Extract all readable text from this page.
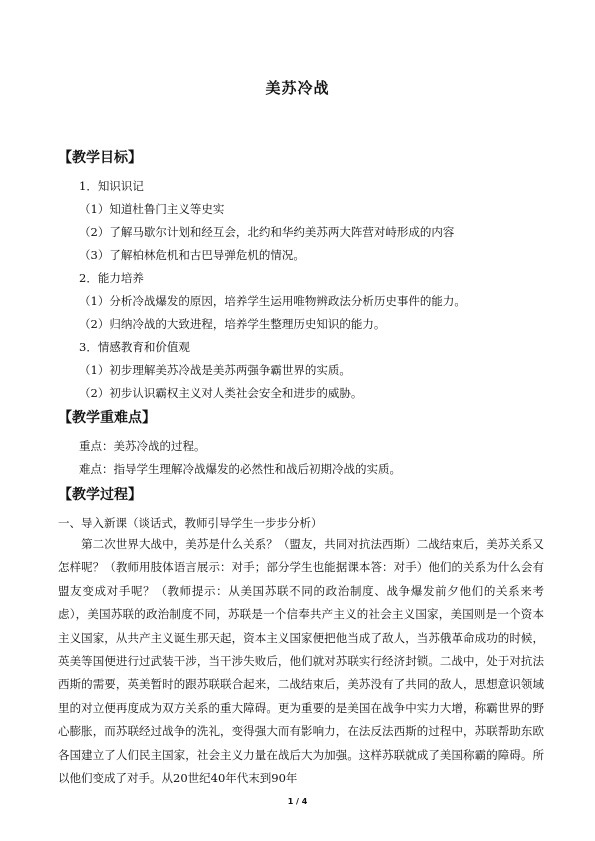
美苏冷战
【教学目标】
1．知识识记
（1）知道杜鲁门主义等史实
（2）了解马歇尔计划和经互会，北约和华约美苏两大阵营对峙形成的内容
（3）了解柏林危机和古巴导弹危机的情况。
2．能力培养
（1）分析冷战爆发的原因，培养学生运用唯物辨政法分析历史事件的能力。
（2）归纳冷战的大致进程，培养学生整理历史知识的能力。
3．情感教育和价值观
（1）初步理解美苏冷战是美苏两强争霸世界的实质。
（2）初步认识霸权主义对人类社会安全和进步的威胁。
【教学重难点】
重点：美苏冷战的过程。
难点：指导学生理解冷战爆发的必然性和战后初期冷战的实质。
【教学过程】
一、导入新课（谈话式，教师引导学生一步步分析）
第二次世界大战中，美苏是什么关系？（盟友，共同对抗法西斯）二战结束后，美苏关系又怎样呢？（教师用肢体语言展示：对手；部分学生也能据课本答：对手）他们的关系为什么会有盟友变成对手呢？（教师提示：从美国苏联不同的政治制度、战争爆发前夕他们的关系来考虑），美国苏联的政治制度不同，苏联是一个信奉共产主义的社会主义国家，美国则是一个资本主义国家，从共产主义诞生那天起，资本主义国家便把他当成了敌人，当苏俄革命成功的时候，英美等国便进行过武装干涉，当干涉失败后，他们就对苏联实行经济封锁。二战中，处于对抗法西斯的需要，英美暂时的跟苏联联合起来，二战结束后，美苏没有了共同的敌人，思想意识领域里的对立便再度成为双方关系的重大障碍。更为重要的是美国在战争中实力大增，称霸世界的野心膨胀，而苏联经过战争的洗礼，变得强大而有影响力，在法反法西斯的过程中，苏联帮助东欧各国建立了人们民主国家，社会主义力量在战后大为加强。这样苏联就成了美国称霸的障碍。所以他们变成了对手。从20世纪40年代末到90年
1 / 4
